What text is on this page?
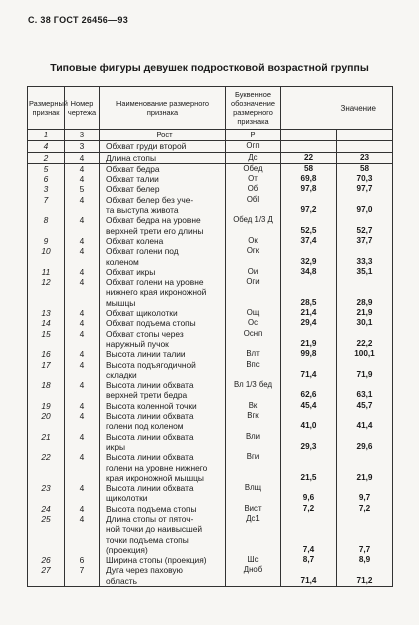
С. 38 ГОСТ 26456—93
Типовые фигуры девушек подростковой возрастной группы
Размерный признак	Номер чертежа	Наименование размерного признака	Буквенное обозначение размерного признака	Значение	
1	3	Рост	Р		
4	3	Обхват груди второй	Огп		
2	4	Длина стопы	Дс	22	23
5	4	Обхват бедра	Обед	58	58
6	4	Обхват талии	От	69,8	70,3
3	5	Обхват белер	Об	97,8	97,7
7	4	Обхват белер без уче-
та выступа живота	Обl	97,2	97,0
8	4	Обхват бедра на уровне
верхней трети его длины	Обед 1/3 Д	52,5	52,7
9	4	Обхват колена	Ок	37,4	37,7
10	4	Обхват голени под
коленом	Огк	32,9	33,3
11	4	Обхват икры	Ои	34,8	35,1
12	4	Обхват голени на уровне
нижнего края икроножной
мышцы	Оги	28,5	28,9
13	4	Обхват щиколотки	Ощ	21,4	21,9
14	4	Обхват подъема стопы	Ос	29,4	30,1
15	4	Обхват стопы через
наружный пучок	Оснп	21,9	22,2
16	4	Высота линии талии	Влт	99,8	100,1
17	4	Высота подъягодичной
складки	Впс	71,4	71,9
18	4	Высота линии обхвата
верхней трети бедра	Вл 1/3 бед	62,6	63,1
19	4	Высота коленной точки	Вк	45,4	45,7
20	4	Высота линии обхвата
голени под коленом	Вгк	41,0	41,4
21	4	Высота линии обхвата
икры	Вли	29,3	29,6
22	4	Высота линии обхвата
голени на уровне нижнего
края икроножной мышцы	Вги	21,5	21,9
23	4	Высота линии обхвата
щиколотки	Влщ	9,6	9,7
24	4	Высота подъема стопы	Вист	7,2	7,2
25	4	Длина стопы от пяточ-
ной точки до наивысшей
точки подъема стопы
(проекция)	Дс1	7,4	7,7
26	6	Ширина стопы (проекция)	Шс	8,7	8,9
27	7	Дуга через паховую
область	Дноб	71,4	71,2
